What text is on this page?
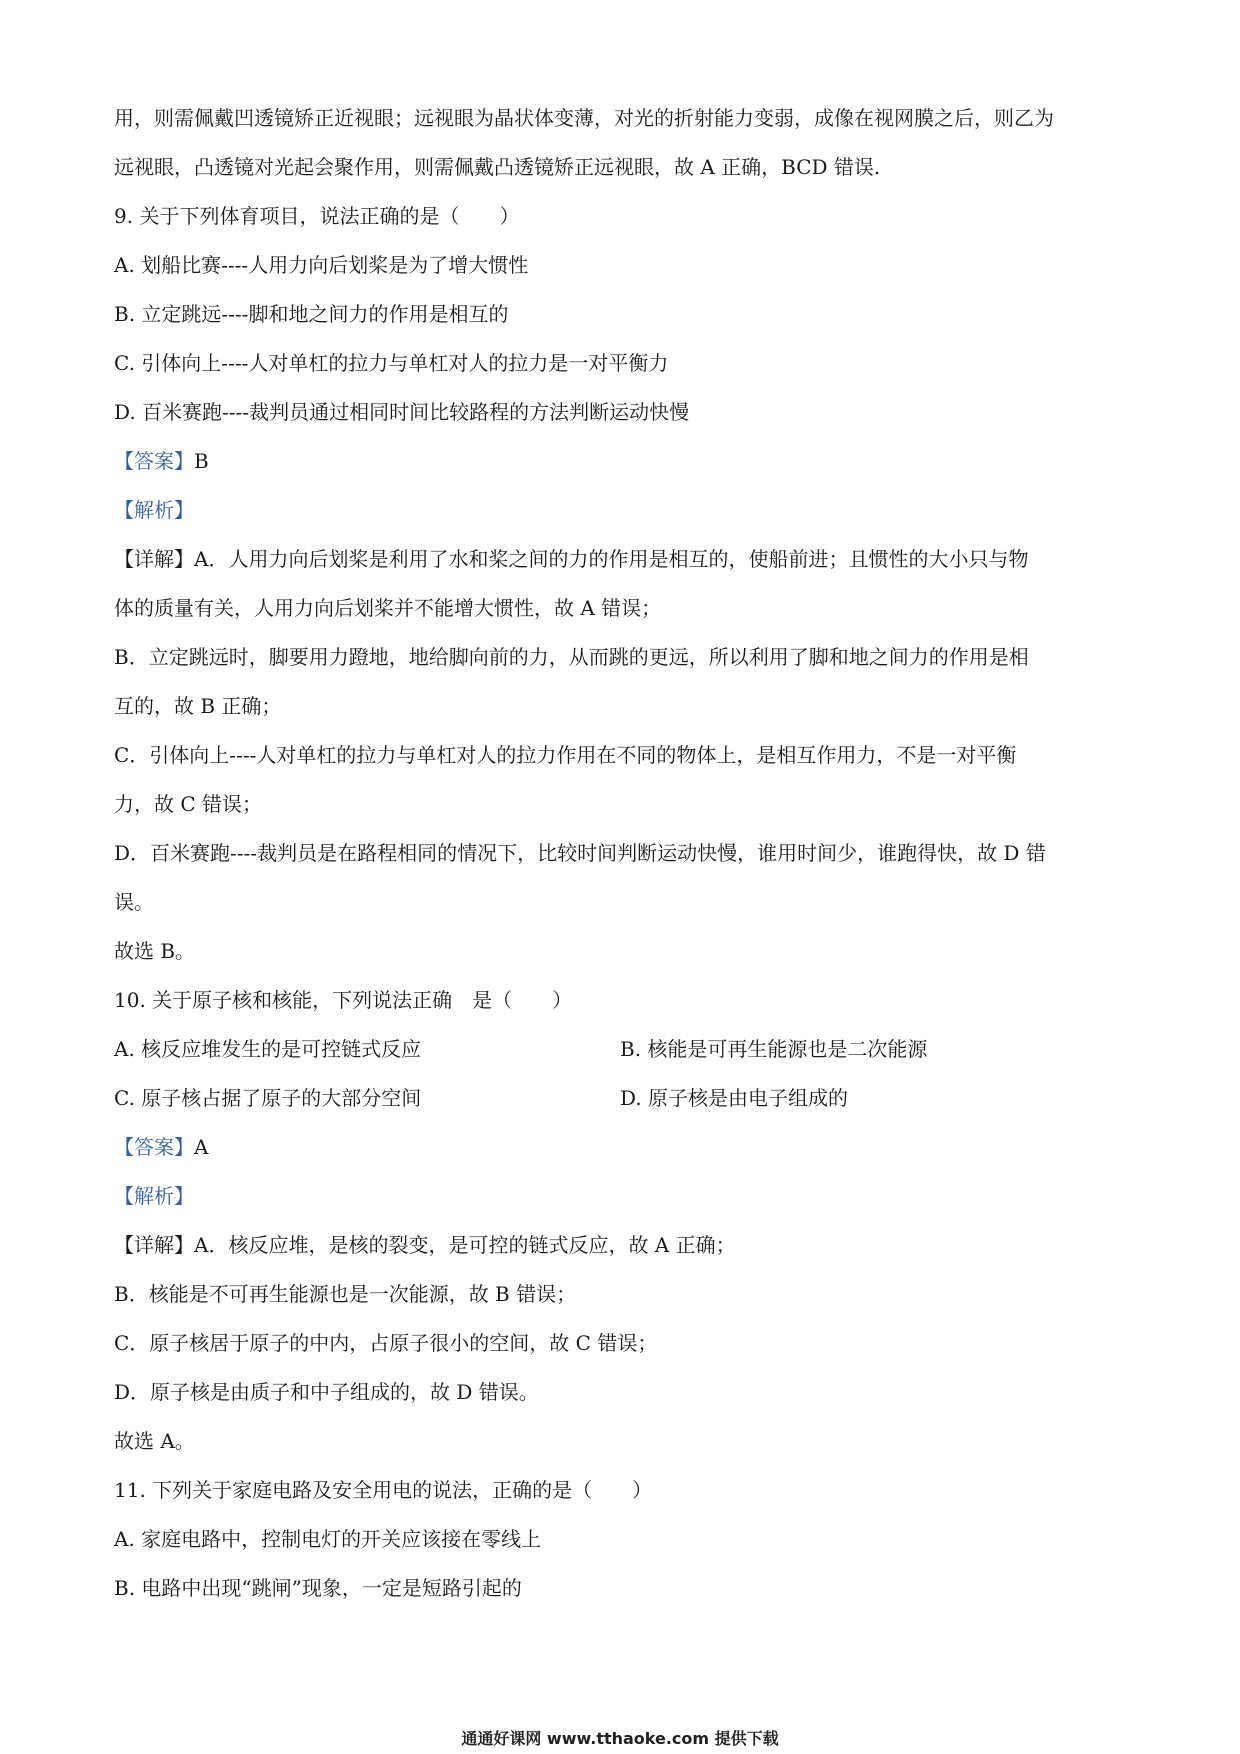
用，则需佩戴凹透镜矫正近视眼；远视眼为晶状体变薄，对光的折射能力变弱，成像在视网膜之后，则乙为
远视眼，凸透镜对光起会聚作用，则需佩戴凸透镜矫正远视眼，故 A 正确，BCD 错误.
9. 关于下列体育项目，说法正确的是（　　）
A. 划船比赛----人用力向后划桨是为了增大惯性
B. 立定跳远----脚和地之间力的作用是相互的
C. 引体向上----人对单杠的拉力与单杠对人的拉力是一对平衡力
D. 百米赛跑----裁判员通过相同时间比较路程的方法判断运动快慢
【答案】B
【解析】
【详解】A．人用力向后划桨是利用了水和桨之间的力的作用是相互的，使船前进；且惯性的大小只与物
体的质量有关，人用力向后划桨并不能增大惯性，故 A 错误；
B．立定跳远时，脚要用力蹬地，地给脚向前的力，从而跳的更远，所以利用了脚和地之间力的作用是相
互的，故 B 正确；
C．引体向上----人对单杠的拉力与单杠对人的拉力作用在不同的物体上，是相互作用力，不是一对平衡
力，故 C 错误；
D．百米赛跑----裁判员是在路程相同的情况下，比较时间判断运动快慢，谁用时间少，谁跑得快，故 D 错
误。
故选 B。
10. 关于原子核和核能，下列说法正确　是（　　）
A. 核反应堆发生的是可控链式反应	B. 核能是可再生能源也是二次能源
C. 原子核占据了原子的大部分空间	D. 原子核是由电子组成的
【答案】A
【解析】
【详解】A．核反应堆，是核的裂变，是可控的链式反应，故 A 正确；
B．核能是不可再生能源也是一次能源，故 B 错误；
C．原子核居于原子的中内，占原子很小的空间，故 C 错误；
D．原子核是由质子和中子组成的，故 D 错误。
故选 A。
11. 下列关于家庭电路及安全用电的说法，正确的是（　　）
A. 家庭电路中，控制电灯的开关应该接在零线上
B. 电路中出现“跳闸”现象，一定是短路引起的
通通好课网 www.tthaoke.com 提供下载
